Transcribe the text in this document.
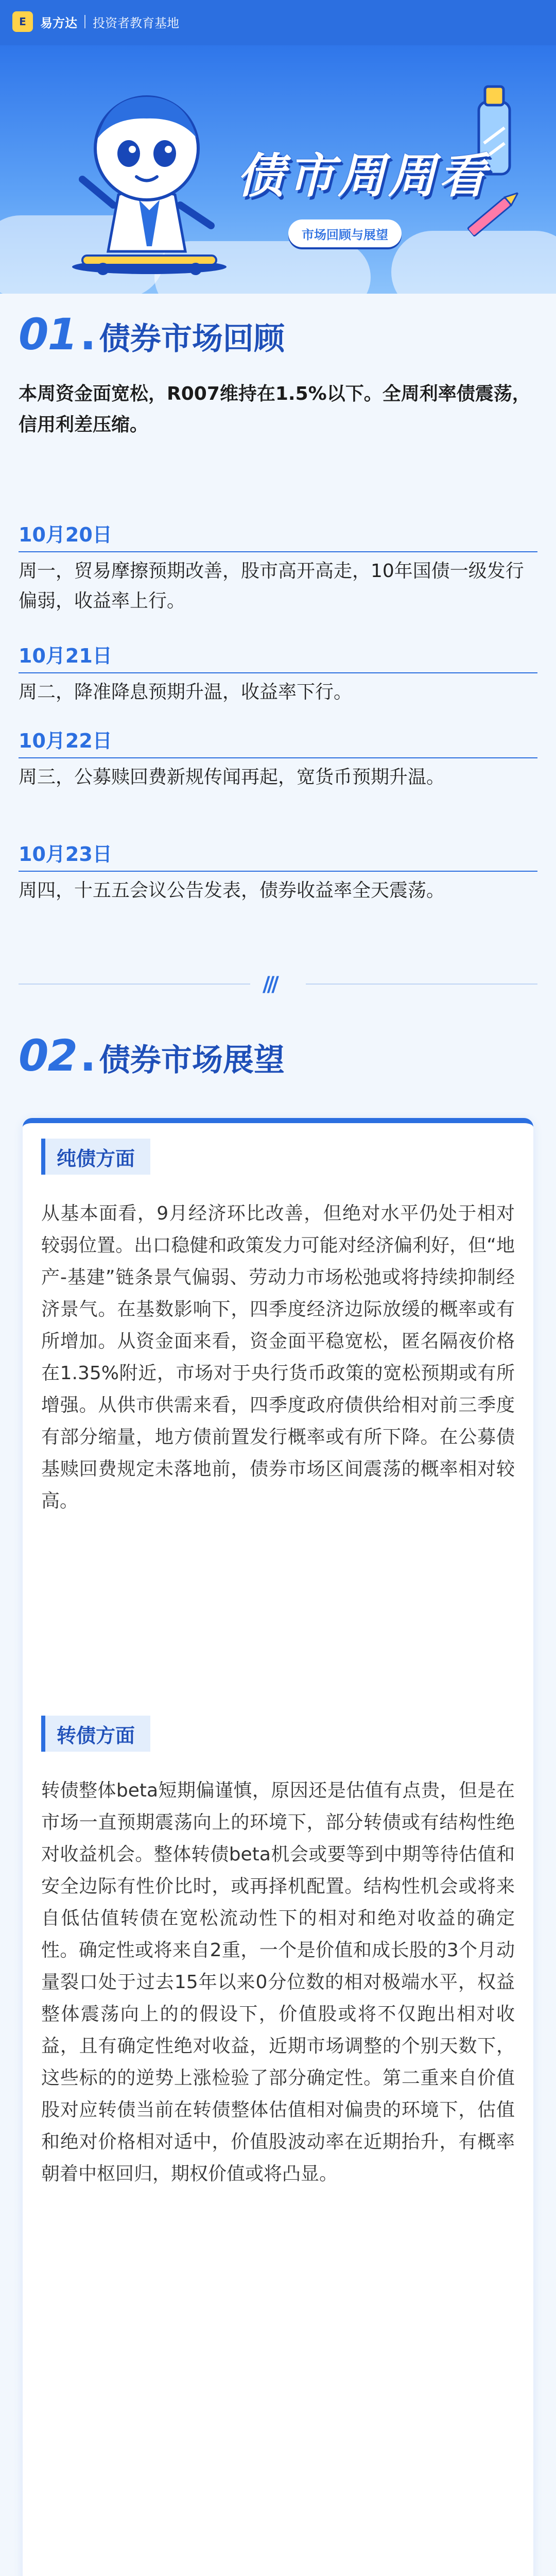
E	易方达 投资者教育基地
债市周周看
市场回顾与展望
01 . 债券市场回顾
本周资金面宽松，R007维持在1.5%以下。全周利率债震荡，信用利差压缩。
10月20日
周一，贸易摩擦预期改善，股市高开高走，10年国债一级发行偏弱，收益率上行。
10月21日
周二，降准降息预期升温，收益率下行。
10月22日
周三，公募赎回费新规传闻再起，宽货币预期升温。
10月23日
周四，十五五会议公告发表，债券收益率全天震荡。
///
02 . 债券市场展望
纯债方面
从基本面看，9月经济环比改善，但绝对水平仍处于相对较弱位置。出口稳健和政策发力可能对经济偏利好，但“地产-基建”链条景气偏弱、劳动力市场松弛或将持续抑制经济景气。在基数影响下，四季度经济边际放缓的概率或有所增加。从资金面来看，资金面平稳宽松，匿名隔夜价格在1.35%附近，市场对于央行货币政策的宽松预期或有所增强。从供市供需来看，四季度政府债供给相对前三季度有部分缩量，地方债前置发行概率或有所下降。在公募债基赎回费规定未落地前，债券市场区间震荡的概率相对较高。
转债方面
转债整体beta短期偏谨慎，原因还是估值有点贵，但是在市场一直预期震荡向上的环境下，部分转债或有结构性绝对收益机会。整体转债beta机会或要等到中期等待估值和安全边际有性价比时，或再择机配置。结构性机会或将来自低估值转债在宽松流动性下的相对和绝对收益的确定性。确定性或将来自2重，一个是价值和成长股的3个月动量裂口处于过去15年以来0分位数的相对极端水平，权益整体震荡向上的的假设下，价值股或将不仅跑出相对收益，且有确定性绝对收益，近期市场调整的个别天数下，这些标的的逆势上涨检验了部分确定性。第二重来自价值股对应转债当前在转债整体估值相对偏贵的环境下，估值和绝对价格相对适中，价值股波动率在近期抬升，有概率朝着中枢回归，期权价值或将凸显。
